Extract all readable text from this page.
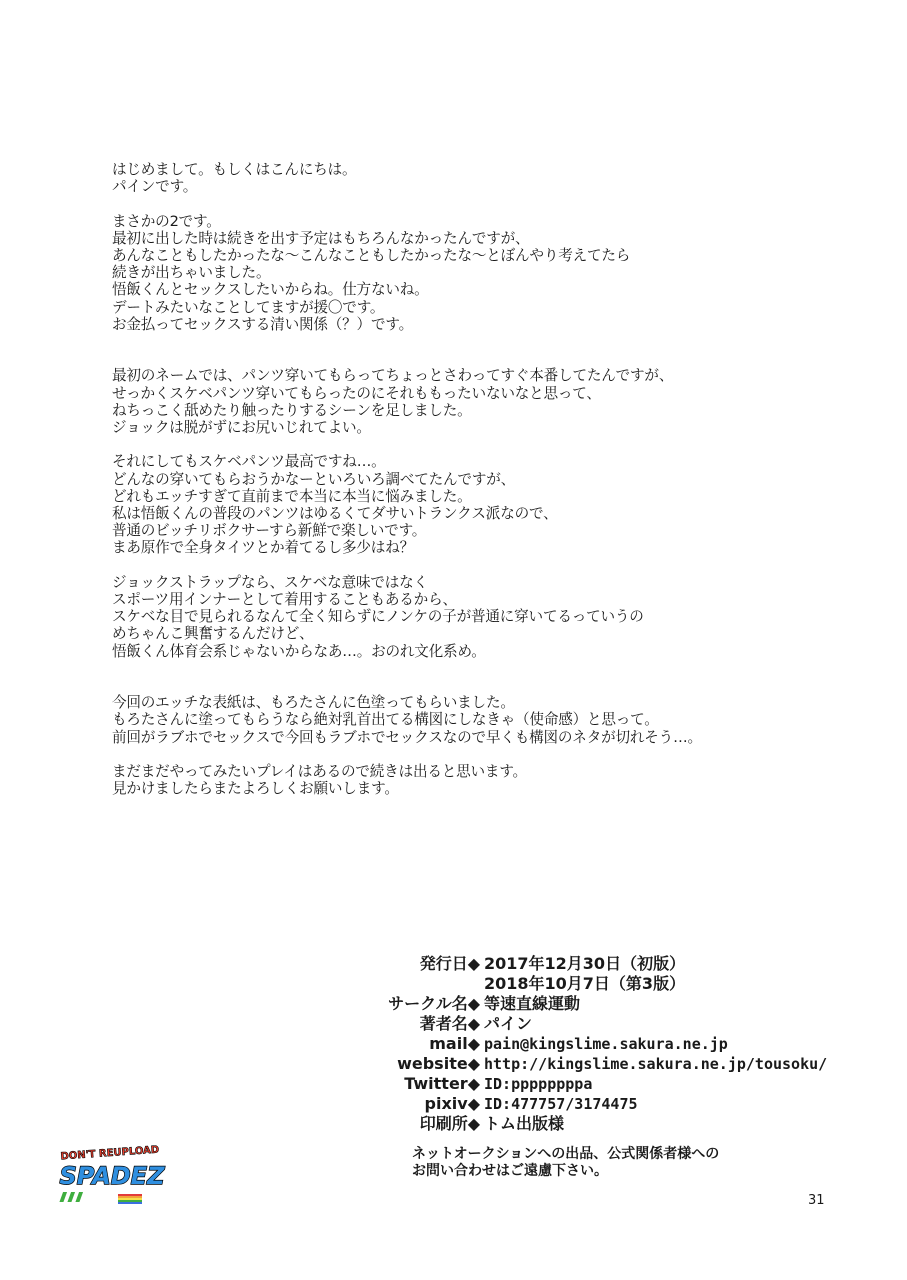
はじめまして。もしくはこんにちは。
パインです。
まさかの2です。
最初に出した時は続きを出す予定はもちろんなかったんですが、
あんなこともしたかったな〜こんなこともしたかったな〜とぼんやり考えてたら
続きが出ちゃいました。
悟飯くんとセックスしたいからね。仕方ないね。
デートみたいなことしてますが援〇です。
お金払ってセックスする清い関係（？）です。
最初のネームでは、パンツ穿いてもらってちょっとさわってすぐ本番してたんですが、
せっかくスケベパンツ穿いてもらったのにそれももったいないなと思って、
ねちっこく舐めたり触ったりするシーンを足しました。
ジョックは脱がずにお尻いじれてよい。
それにしてもスケベパンツ最高ですね…。
どんなの穿いてもらおうかなーといろいろ調べてたんですが、
どれもエッチすぎて直前まで本当に本当に悩みました。
私は悟飯くんの普段のパンツはゆるくてダサいトランクス派なので、
普通のビッチリボクサーすら新鮮で楽しいです。
まあ原作で全身タイツとか着てるし多少はね？
ジョックストラップなら、スケベな意味ではなく
スポーツ用インナーとして着用することもあるから、
スケベな目で見られるなんて全く知らずにノンケの子が普通に穿いてるっていうの
めちゃんこ興奮するんだけど、
悟飯くん体育会系じゃないからなあ…。おのれ文化系め。
今回のエッチな表紙は、もろたさんに色塗ってもらいました。
もろたさんに塗ってもらうなら絶対乳首出てる構図にしなきゃ（使命感）と思って。
前回がラブホでセックスで今回もラブホでセックスなので早くも構図のネタが切れそう…。
まだまだやってみたいプレイはあるので続きは出ると思います。
見かけましたらまたよろしくお願いします。
発行日◆ 2017年12月30日（初版）
2018年10月7日（第3版）
サークル名◆ 等速直線運動
著者名◆ パイン
mail◆ pain@kingslime.sakura.ne.jp
website◆ http://kingslime.sakura.ne.jp/tousoku/
Twitter◆ ID:ppppppppa
pixiv◆ ID:477757/3174475
印刷所◆ トム出版様
ネットオークションへの出品、公式関係者様への
お問い合わせはご遠慮下さい。
DON'T REUPLOAD
SPADEZ
31
